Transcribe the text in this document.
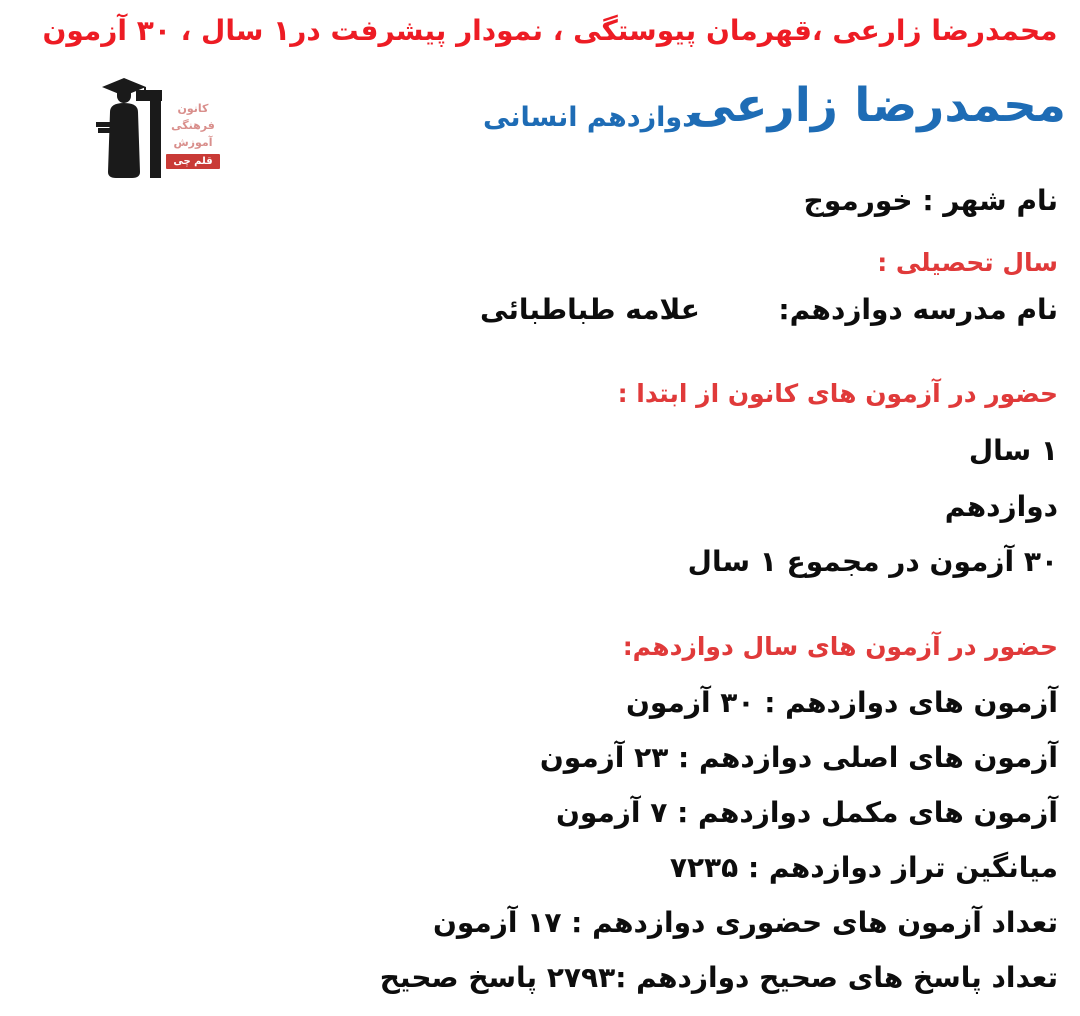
محمدرضا زارعی ،قهرمان پیوستگی ، نمودار پیشرفت در۱ سال ، ۳۰ آزمون
کانون
فرهنگی
آموزش
قلم چی
محمدرضا زارعی
دوازدهم انسانی
نام شهر : خورموج
سال تحصیلی :
نام مدرسه دوازدهم:
علامه طباطبائی
حضور در آزمون های کانون از ابتدا :
۱ سال
دوازدهم
۳۰ آزمون در مجموع ۱ سال
حضور در آزمون های سال دوازدهم:
آزمون های دوازدهم : ۳۰ آزمون
آزمون های اصلی دوازدهم : ۲۳ آزمون
آزمون های مکمل دوازدهم : ۷ آزمون
میانگین تراز دوازدهم : ۷۲۳۵
تعداد آزمون های حضوری دوازدهم : ۱۷ آزمون
تعداد پاسخ های صحیح دوازدهم :۲۷۹۳ پاسخ صحیح
